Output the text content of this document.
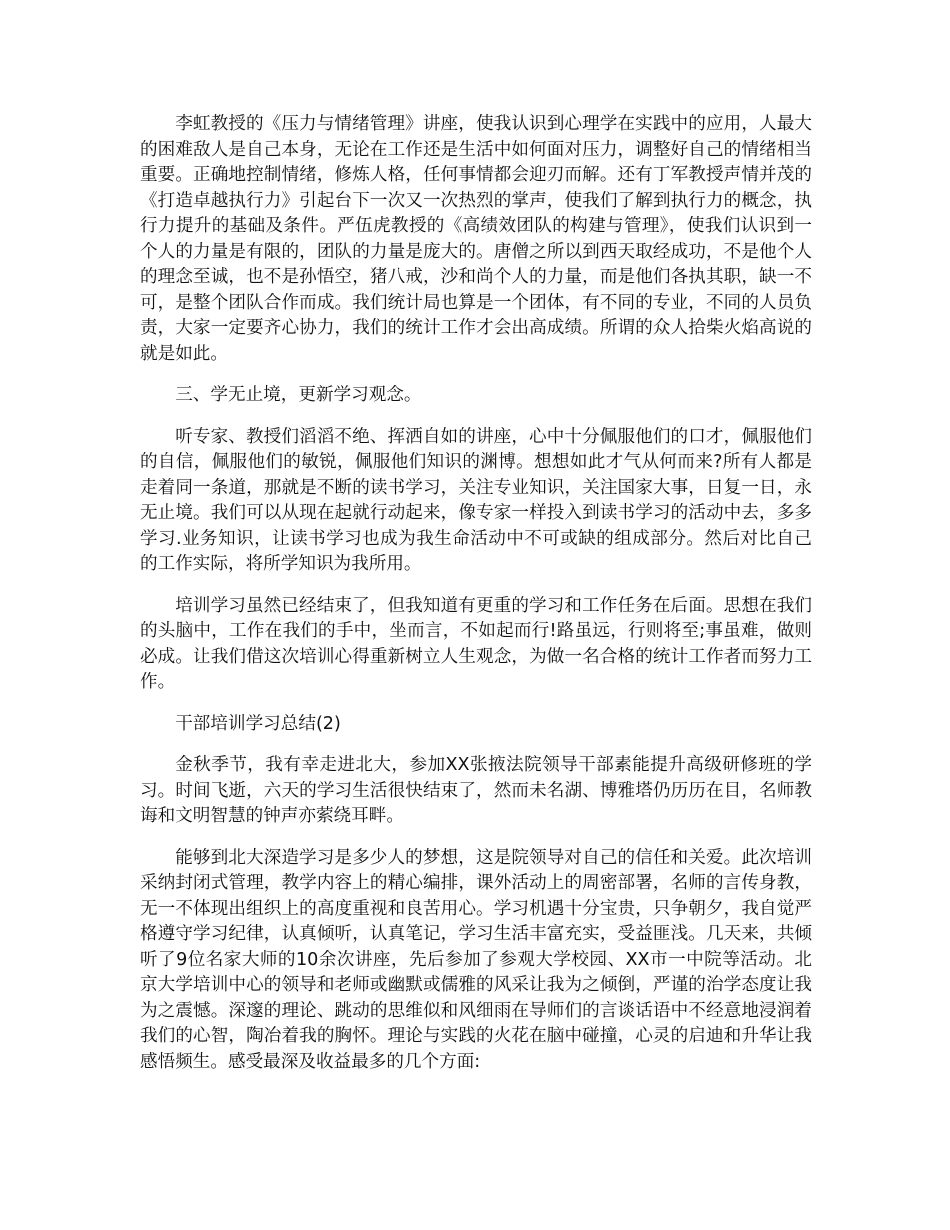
李虹教授的《压力与情绪管理》讲座，使我认识到心理学在实践中的应用，人最大的困难敌人是自己本身，无论在工作还是生活中如何面对压力，调整好自己的情绪相当重要。正确地控制情绪，修炼人格，任何事情都会迎刃而解。还有丁军教授声情并茂的《打造卓越执行力》引起台下一次又一次热烈的掌声，使我们了解到执行力的概念，执行力提升的基础及条件。严伍虎教授的《高绩效团队的构建与管理》，使我们认识到一个人的力量是有限的，团队的力量是庞大的。唐僧之所以到西天取经成功，不是他个人的理念至诚，也不是孙悟空，猪八戒，沙和尚个人的力量，而是他们各执其职，缺一不可，是整个团队合作而成。我们统计局也算是一个团体，有不同的专业，不同的人员负责，大家一定要齐心协力，我们的统计工作才会出高成绩。所谓的众人拾柴火焰高说的就是如此。

三、学无止境，更新学习观念。

听专家、教授们滔滔不绝、挥洒自如的讲座，心中十分佩服他们的口才，佩服他们的自信，佩服他们的敏锐，佩服他们知识的渊博。想想如此才气从何而来?所有人都是走着同一条道，那就是不断的读书学习，关注专业知识，关注国家大事，日复一日，永无止境。我们可以从现在起就行动起来，像专家一样投入到读书学习的活动中去，多多学习.业务知识，让读书学习也成为我生命活动中不可或缺的组成部分。然后对比自己的工作实际，将所学知识为我所用。

培训学习虽然已经结束了，但我知道有更重的学习和工作任务在后面。思想在我们的头脑中，工作在我们的手中，坐而言，不如起而行!路虽远，行则将至;事虽难，做则必成。让我们借这次培训心得重新树立人生观念，为做一名合格的统计工作者而努力工作。

干部培训学习总结(2)

金秋季节，我有幸走进北大，参加XX张掖法院领导干部素能提升高级研修班的学习。时间飞逝，六天的学习生活很快结束了，然而未名湖、博雅塔仍历历在目，名师教诲和文明智慧的钟声亦萦绕耳畔。

能够到北大深造学习是多少人的梦想，这是院领导对自己的信任和关爱。此次培训采纳封闭式管理，教学内容上的精心编排，课外活动上的周密部署，名师的言传身教，无一不体现出组织上的高度重视和良苦用心。学习机遇十分宝贵，只争朝夕，我自觉严格遵守学习纪律，认真倾听，认真笔记，学习生活丰富充实，受益匪浅。几天来，共倾听了9位名家大师的10余次讲座，先后参加了参观大学校园、XX市一中院等活动。北京大学培训中心的领导和老师或幽默或儒雅的风采让我为之倾倒，严谨的治学态度让我为之震憾。深邃的理论、跳动的思维似和风细雨在导师们的言谈话语中不经意地浸润着我们的心智，陶冶着我的胸怀。理论与实践的火花在脑中碰撞，心灵的启迪和升华让我感悟频生。感受最深及收益最多的几个方面:
